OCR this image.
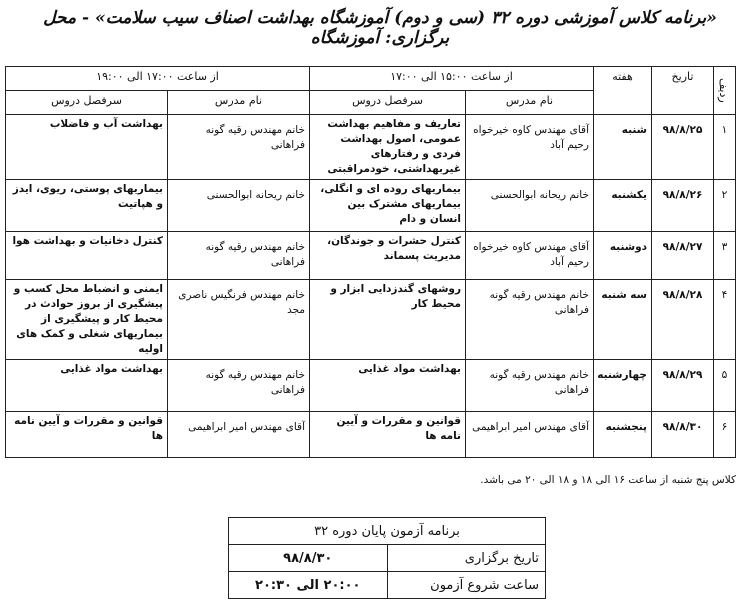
«برنامه کلاس آموزشی دوره ۳۲ (سی و دوم) آموزشگاه بهداشت اصناف سیب سلامت» - محل برگزاری: آموزشگاه
ردیف	تاریخ	هفته	از ساعت ۱۵:۰۰ الی ۱۷:۰۰		از ساعت ۱۷:۰۰ الی ۱۹:۰۰	
			نام مدرس	سرفصل دروس	نام مدرس	سرفصل دروس
۱	۹۸/۸/۲۵	شنبه	آقای مهندس کاوه خیرخواه رحیم آباد	تعاریف و مفاهیم بهداشت عمومی، اصول بهداشت فردی و رفتارهای غیربهداشتی، خودمراقبتی	خانم مهندس رقیه گونه فراهانی	بهداشت آب و فاضلاب
۲	۹۸/۸/۲۶	یکشنبه	خانم ریحانه ابوالحسنی	بیماریهای روده ای و انگلی، بیماریهای مشترک بین انسان و دام	خانم ریحانه ابوالحسنی	بیماریهای پوستی، ریوی، ایدز و هپاتیت
۳	۹۸/۸/۲۷	دوشنبه	آقای مهندس کاوه خیرخواه رحیم آباد	کنترل حشرات و جوندگان، مدیریت پسماند	خانم مهندس رقیه گونه فراهانی	کنترل دخانیات و بهداشت هوا
۴	۹۸/۸/۲۸	سه شنبه	خانم مهندس رقیه گونه فراهانی	روشهای گندزدایی ابزار و محیط کار	خانم مهندس فرنگیس ناصری مجد	ایمنی و انضباط محل کسب و پیشگیری از بروز حوادث در محیط کار و پیشگیری از بیماریهای شغلی و کمک های اولیه
۵	۹۸/۸/۲۹	چهارشنبه	خانم مهندس رقیه گونه فراهانی	بهداشت مواد غذایی	خانم مهندس رقیه گونه فراهانی	بهداشت مواد غذایی
۶	۹۸/۸/۳۰	پنجشنبه	آقای مهندس امیر ابراهیمی	قوانین و مقررات و آیین نامه ها	آقای مهندس امیر ابراهیمی	قوانین و مقررات و آیین نامه ها
کلاس پنج شنبه از ساعت ۱۶ الی ۱۸ و ۱۸ الی ۲۰ می باشد.
برنامه آزمون پایان دوره ۳۲	
تاریخ برگزاری	۹۸/۸/۳۰
ساعت شروع آزمون	۲۰:۰۰ الی ۲۰:۳۰
